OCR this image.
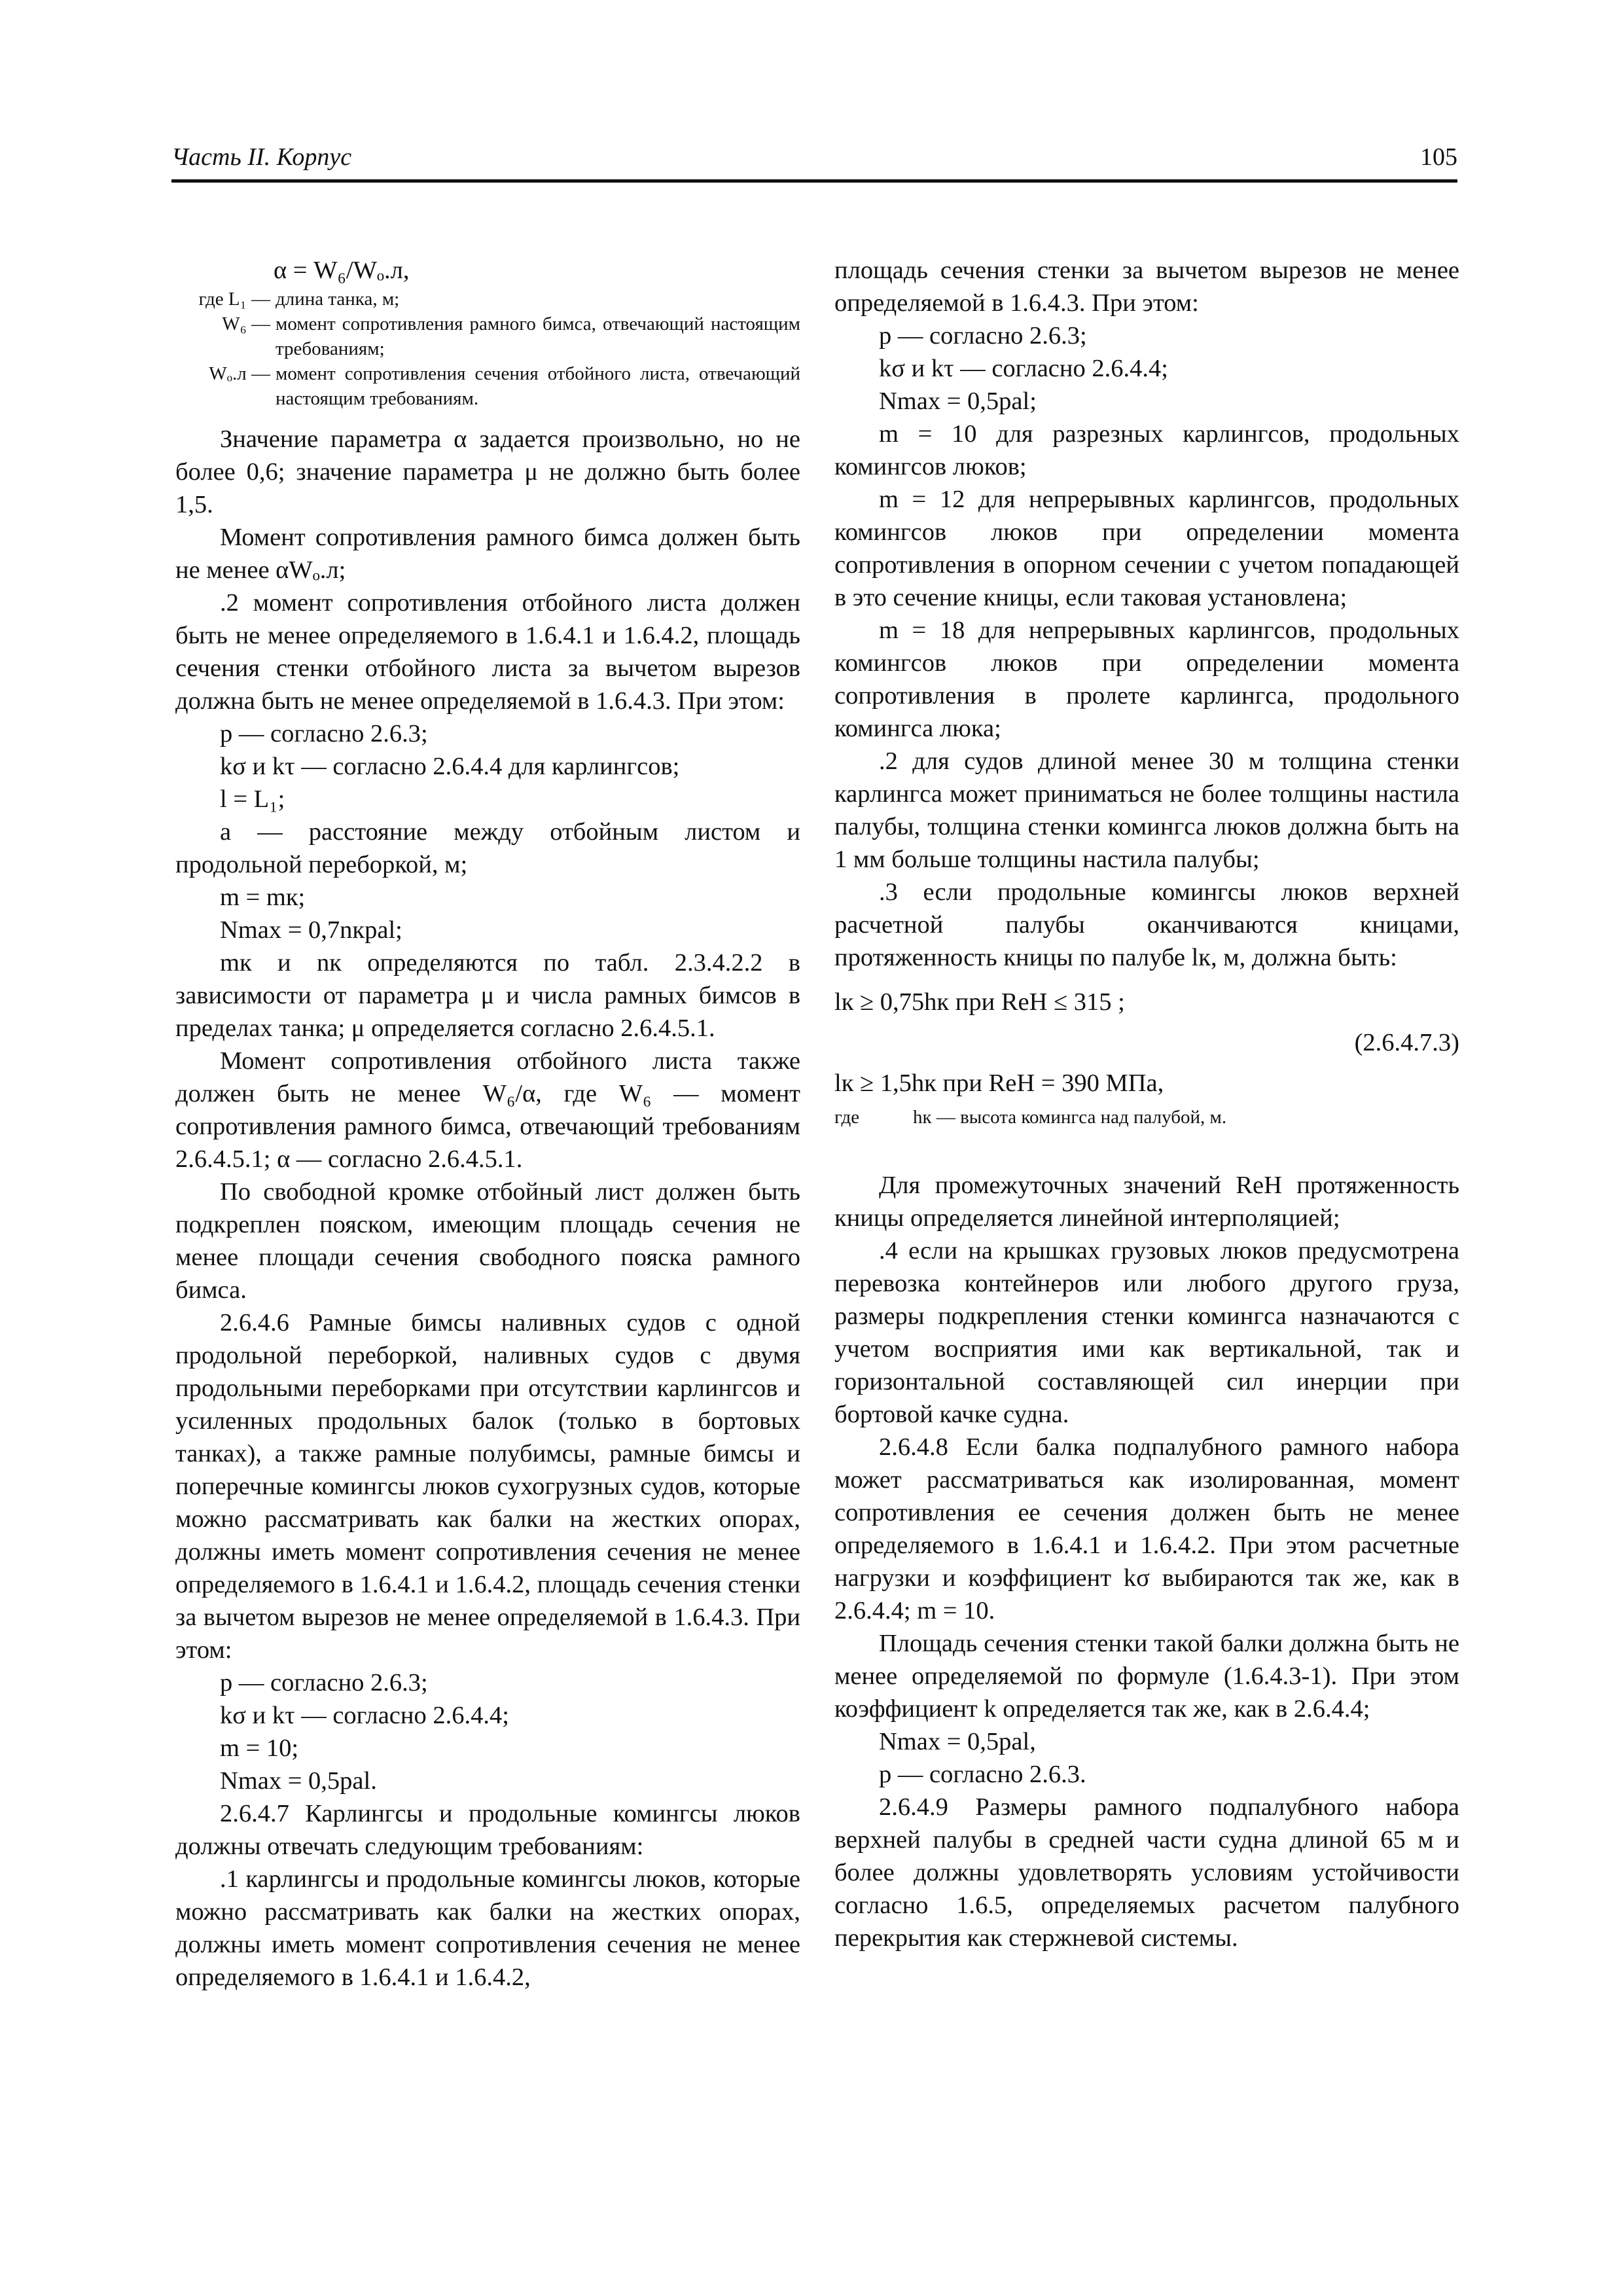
Часть ІІ. Корпус	105
α = W₆/Wₒ.л,
где L₁ — длина танка, м;
W₆ — момент сопротивления рамного бимса, отвечающий настоящим требованиям;
Wₒ.л — момент сопротивления сечения отбойного листа, отвечающий настоящим требованиям.

Значение параметра α задается произвольно, но не более 0,6; значение параметра μ не должно быть более 1,5.

Момент сопротивления рамного бимса должен быть не менее αWₒ.л;

.2 момент сопротивления отбойного листа должен быть не менее определяемого в 1.6.4.1 и 1.6.4.2, площадь сечения стенки отбойного листа за вычетом вырезов должна быть не менее определяемой в 1.6.4.3. При этом:

p — согласно 2.6.3;
kσ и kτ — согласно 2.6.4.4 для карлингсов;
l = L₁;

a — расстояние между отбойным листом и продольной переборкой, м;

m = mк;
Nmax = 0,7nкpal;

mк и nк определяются по табл. 2.3.4.2.2 в зависимости от параметра μ и числа рамных бимсов в пределах танка; μ определяется согласно 2.6.4.5.1.

Момент сопротивления отбойного листа также должен быть не менее W₆/α, где W₆ — момент сопротивления рамного бимса, отвечающий требованиям 2.6.4.5.1; α — согласно 2.6.4.5.1.

По свободной кромке отбойный лист должен быть подкреплен пояском, имеющим площадь сечения не менее площади сечения свободного пояска рамного бимса.

2.6.4.6 Рамные бимсы наливных судов с одной продольной переборкой, наливных судов с двумя продольными переборками при отсутствии карлингсов и усиленных продольных балок (только в бортовых танках), а также рамные полубимсы, рамные бимсы и поперечные комингсы люков сухогрузных судов, которые можно рассматривать как балки на жестких опорах, должны иметь момент сопротивления сечения не менее определяемого в 1.6.4.1 и 1.6.4.2, площадь сечения стенки за вычетом вырезов не менее определяемой в 1.6.4.3. При этом:

p — согласно 2.6.3;
kσ и kτ — согласно 2.6.4.4;
m = 10;
Nmax = 0,5pal.

2.6.4.7 Карлингсы и продольные комингсы люков должны отвечать следующим требованиям:

.1 карлингсы и продольные комингсы люков, которые можно рассматривать как балки на жестких опорах, должны иметь момент сопротивления сечения не менее определяемого в 1.6.4.1 и 1.6.4.2,

площадь сечения стенки за вычетом вырезов не менее определяемой в 1.6.4.3. При этом:

p — согласно 2.6.3;
kσ и kτ — согласно 2.6.4.4;
Nmax = 0,5pal;

m = 10 для разрезных карлингсов, продольных комингсов люков;

m = 12 для непрерывных карлингсов, продольных комингсов люков при определении момента сопротивления в опорном сечении с учетом попадающей в это сечение кницы, если таковая установлена;

m = 18 для непрерывных карлингсов, продольных комингсов люков при определении момента сопротивления в пролете карлингса, продольного комингса люка;

.2 для судов длиной менее 30 м толщина стенки карлингса может приниматься не более толщины настила палубы, толщина стенки комингса люков должна быть на 1 мм больше толщины настила палубы;

.3 если продольные комингсы люков верхней расчетной палубы оканчиваются кницами, протяженность кницы по палубе lк, м, должна быть:

lк ≥ 0,75hк при ReH ≤ 315 ;
(2.6.4.7.3)
lк ≥ 1,5hк при ReH = 390 МПа,
где	hк — высота комингса над палубой, м.

Для промежуточных значений ReH протяженность кницы определяется линейной интерполяцией;

.4 если на крышках грузовых люков предусмотрена перевозка контейнеров или любого другого груза, размеры подкрепления стенки комингса назначаются с учетом восприятия ими как вертикальной, так и горизонтальной составляющей сил инерции при бортовой качке судна.

2.6.4.8 Если балка подпалубного рамного набора может рассматриваться как изолированная, момент сопротивления ее сечения должен быть не менее определяемого в 1.6.4.1 и 1.6.4.2. При этом расчетные нагрузки и коэффициент kσ выбираются так же, как в 2.6.4.4; m = 10.

Площадь сечения стенки такой балки должна быть не менее определяемой по формуле (1.6.4.3-1). При этом коэффициент k определяется так же, как в 2.6.4.4;

Nmax = 0,5pal,
p — согласно 2.6.3.

2.6.4.9 Размеры рамного подпалубного набора верхней палубы в средней части судна длиной 65 м и более должны удовлетворять условиям устойчивости согласно 1.6.5, определяемых расчетом палубного перекрытия как стержневой системы.
